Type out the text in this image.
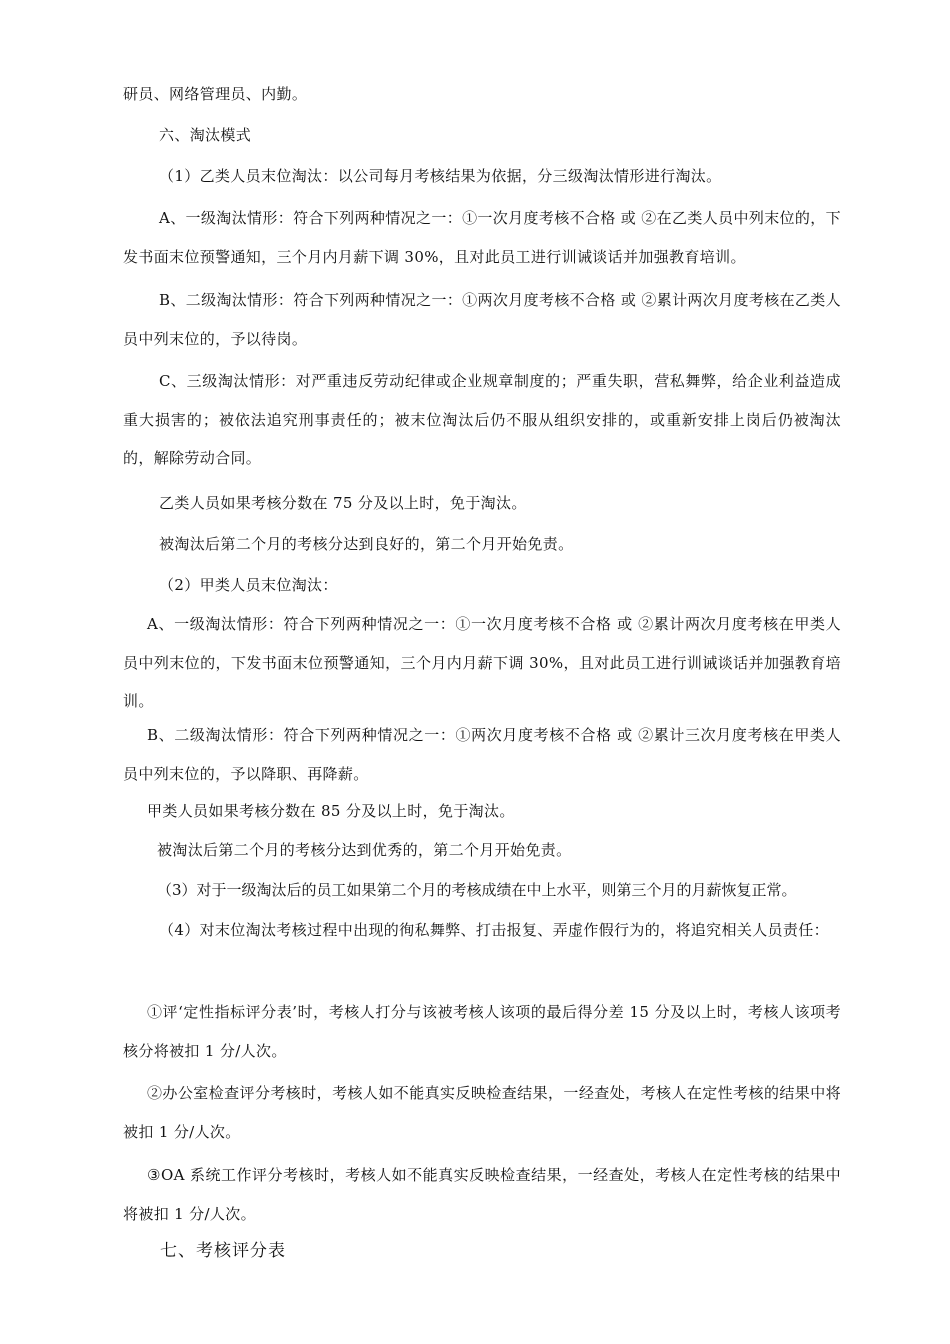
研员、网络管理员、内勤。

六、淘汰模式

（1）乙类人员末位淘汰：以公司每月考核结果为依据，分三级淘汰情形进行淘汰。

A、一级淘汰情形：符合下列两种情况之一：①一次月度考核不合格 或 ②在乙类人员中列末位的，下发书面末位预警通知，三个月内月薪下调 30%，且对此员工进行训诫谈话并加强教育培训。

B、二级淘汰情形：符合下列两种情况之一：①两次月度考核不合格 或 ②累计两次月度考核在乙类人员中列末位的，予以待岗。

C、三级淘汰情形：对严重违反劳动纪律或企业规章制度的；严重失职，营私舞弊，给企业利益造成重大损害的；被依法追究刑事责任的；被末位淘汰后仍不服从组织安排的，或重新安排上岗后仍被淘汰的，解除劳动合同。

乙类人员如果考核分数在 75 分及以上时，免于淘汰。

被淘汰后第二个月的考核分达到良好的，第二个月开始免责。

（2）甲类人员末位淘汰：

A、一级淘汰情形：符合下列两种情况之一：①一次月度考核不合格 或 ②累计两次月度考核在甲类人员中列末位的，下发书面末位预警通知，三个月内月薪下调 30%，且对此员工进行训诫谈话并加强教育培训。

B、二级淘汰情形：符合下列两种情况之一：①两次月度考核不合格 或 ②累计三次月度考核在甲类人员中列末位的，予以降职、再降薪。

甲类人员如果考核分数在 85 分及以上时，免于淘汰。

被淘汰后第二个月的考核分达到优秀的，第二个月开始免责。

（3）对于一级淘汰后的员工如果第二个月的考核成绩在中上水平，则第三个月的月薪恢复正常。

（4）对末位淘汰考核过程中出现的徇私舞弊、打击报复、弄虚作假行为的，将追究相关人员责任：

①评‘定性指标评分表’时，考核人打分与该被考核人该项的最后得分差 15 分及以上时，考核人该项考核分将被扣 1 分/人次。

②办公室检查评分考核时，考核人如不能真实反映检查结果，一经查处，考核人在定性考核的结果中将被扣 1 分/人次。

③OA 系统工作评分考核时，考核人如不能真实反映检查结果，一经查处，考核人在定性考核的结果中将被扣 1 分/人次。

七、考核评分表
